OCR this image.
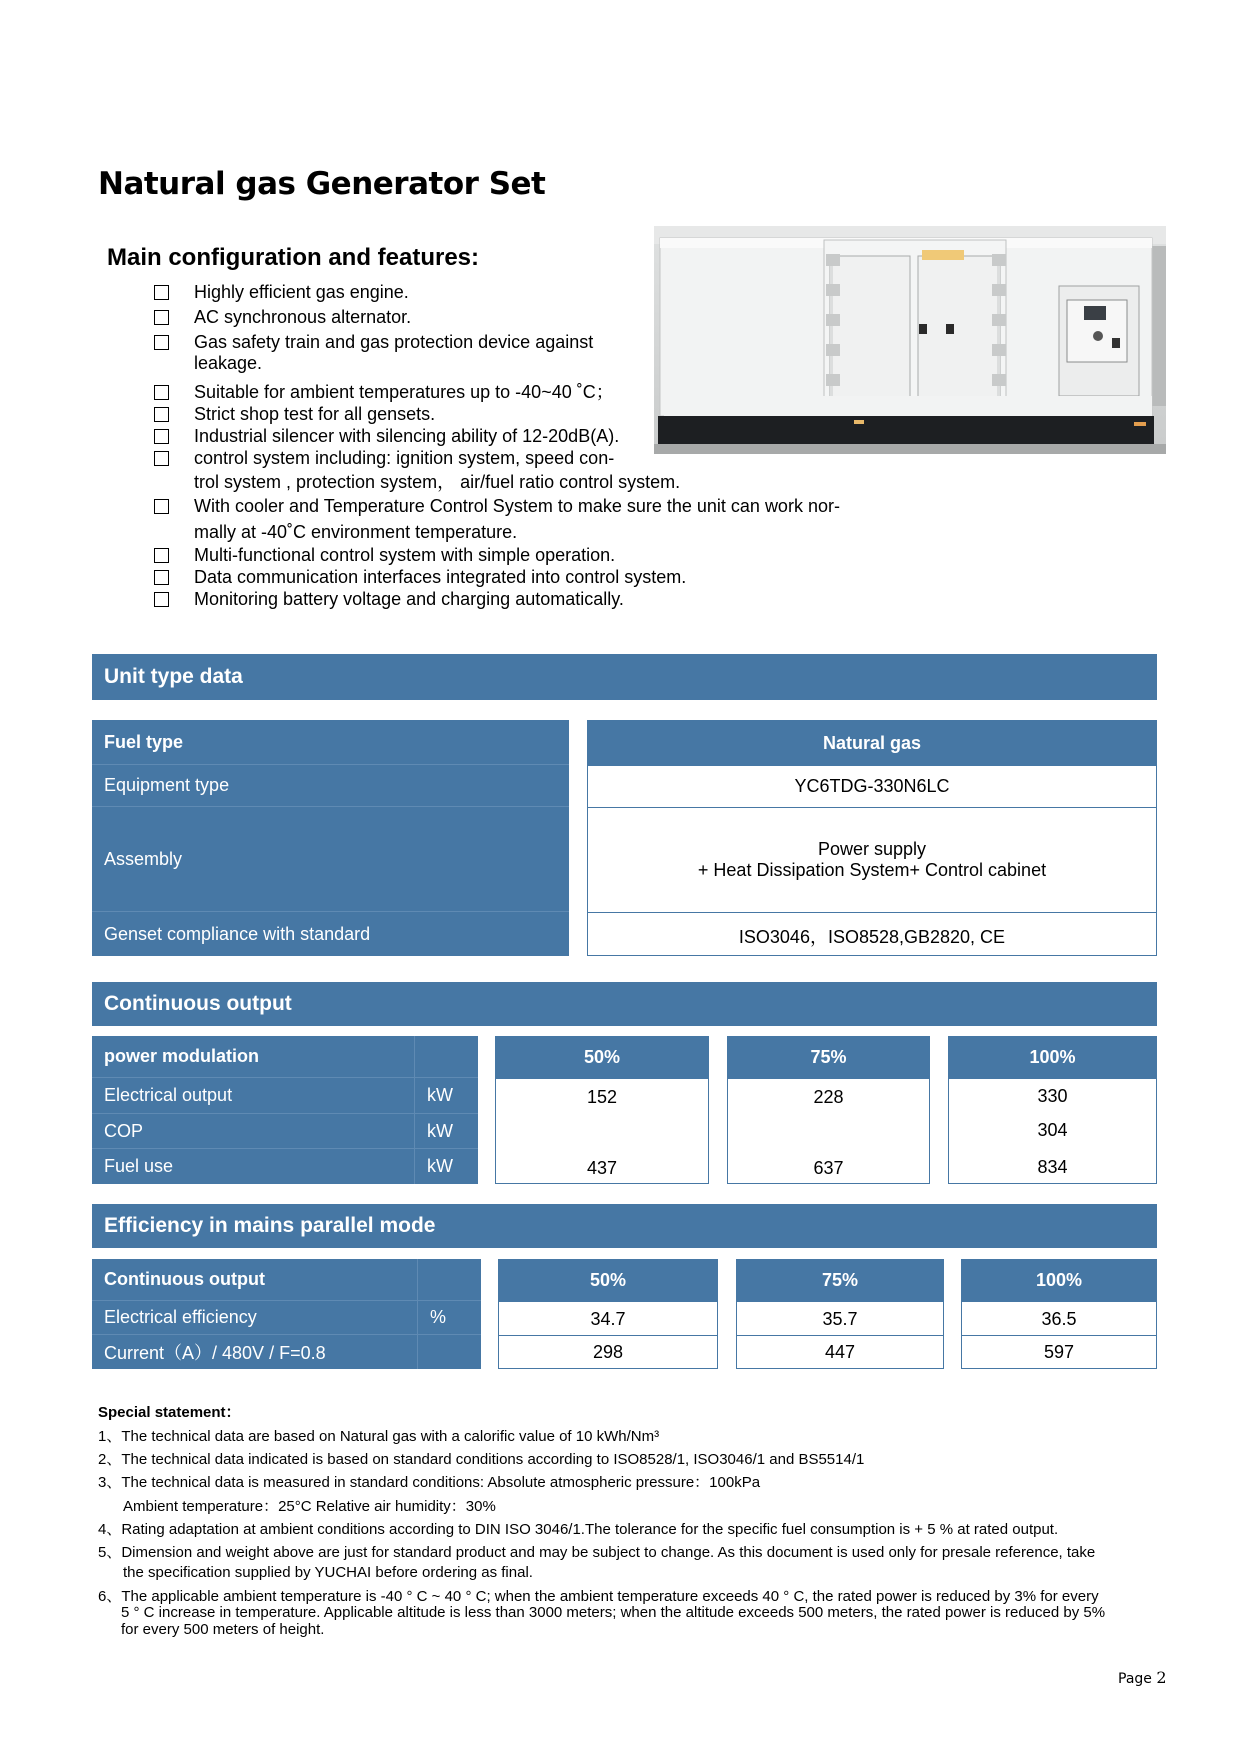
Natural gas Generator Set
Main configuration and features:
Highly efficient gas engine.
AC synchronous alternator.
Gas safety train and gas protection device against leakage.
Suitable for ambient temperatures up to -40~40 ˚C；
Strict shop test for all gensets.
Industrial silencer with silencing ability of 12-20dB(A).
control system including: ignition system, speed con-
trol system , protection system， air/fuel ratio control system.
With cooler and Temperature Control System to make sure the unit can work nor-
mally at -40˚C environment temperature.
Multi-functional control system with simple operation.
Data communication interfaces integrated into control system.
Monitoring battery voltage and charging automatically.
Unit type data
Fuel type
Equipment type
Assembly
Genset compliance with standard
Natural gas
YC6TDG-330N6LC
Power supply
+ Heat Dissipation System+ Control cabinet
ISO3046，ISO8528,GB2820, CE
Continuous output
power modulation
Electrical output
COP
Fuel use
kW
kW
kW
50%
152
437
75%
228
637
100%
330
304
834
Efficiency in mains parallel mode
Continuous output
Electrical efficiency
Current（A）/ 480V / F=0.8
%
50%
34.7
298
75%
35.7
447
100%
36.5
597
Special statement：
1、The technical data are based on Natural gas with a calorific value of 10 kWh/Nm³
2、The technical data indicated is based on standard conditions according to ISO8528/1, ISO3046/1 and BS5514/1
3、The technical data is measured in standard conditions: Absolute atmospheric pressure：100kPa
Ambient temperature：25°C Relative air humidity：30%
4、Rating adaptation at ambient conditions according to DIN ISO 3046/1.The tolerance for the specific fuel consumption is + 5 % at rated output.
5、Dimension and weight above are just for standard product and may be subject to change. As this document is used only for presale reference, take
the specification supplied by YUCHAI before ordering as final.
6、The applicable ambient temperature is -40 ° C ~ 40 ° C; when the ambient temperature exceeds 40 ° C, the rated power is reduced by 3% for every
5 ° C increase in temperature. Applicable altitude is less than 3000 meters; when the altitude exceeds 500 meters, the rated power is reduced by 5%
for every 500 meters of height.
Page 2
